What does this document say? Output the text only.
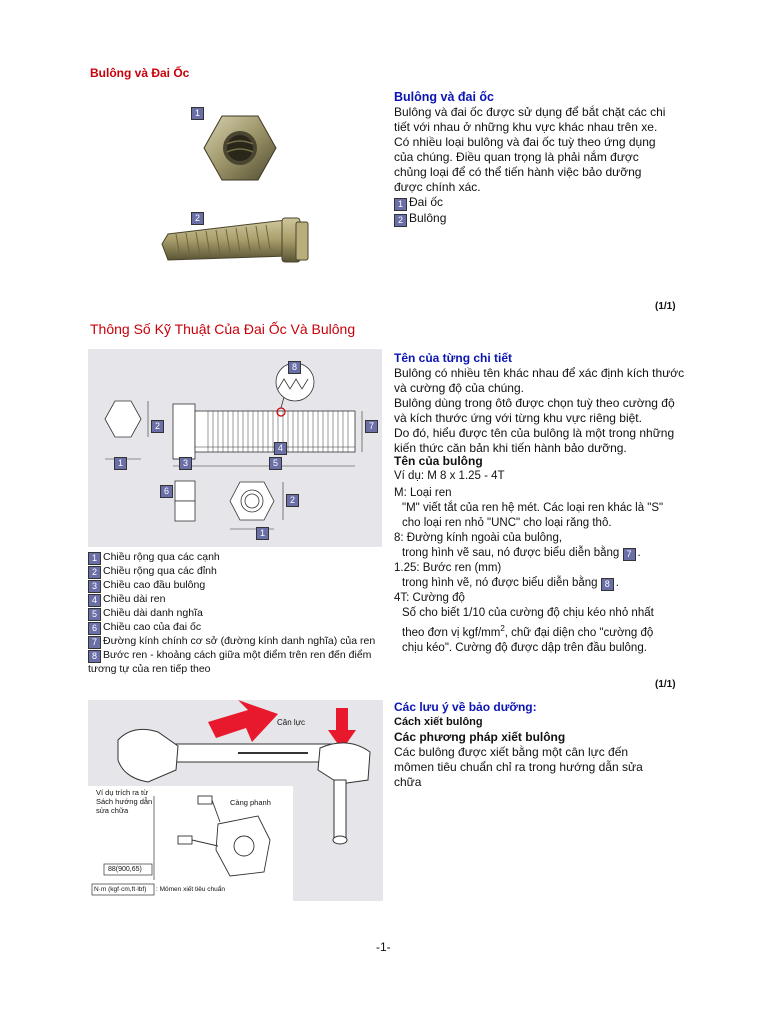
Bulông và Đai Ốc
1
2
Bulông và đai ốc
Bulông và đai ốc được sử dụng để bắt chặt các chi
tiết với nhau ở những khu vực khác nhau trên xe.
Có nhiều loại bulông và đai ốc tuỳ theo ứng dụng
của chúng. Điều quan trọng là phải nắm được
chủng loại để có thể tiến hành việc bảo dưỡng
được chính xác.
1 Đai ốc
2 Bulông
(1/1)
Thông Số Kỹ Thuật Của Đai Ốc Và Bulông
1
2
3
4
5
6
7
8
2
1
1 Chiều rộng qua các cạnh
2 Chiều rộng qua các đỉnh
3 Chiều cao đầu bulông
4 Chiều dài ren
5 Chiều dài danh nghĩa
6 Chiều cao của đai ốc
7 Đường kính chính cơ sở (đường kính danh nghĩa) của ren
8 Bước ren - khoảng cách giữa một điểm trên ren đến điểm
tương tự của ren tiếp theo
Tên của từng chi tiết
Bulông có nhiều tên khác nhau để xác định kích thước
và cường độ của chúng.
Bulông dùng trong ôtô được chọn tuỳ theo cường độ
và kích thước ứng với từng khu vực riêng biệt.
Do đó, hiểu được tên của bulông là một trong những
kiến thức căn bản khi tiến hành bảo dưỡng.
Tên của bulông
Ví dụ: M 8 x 1.25 - 4T
M: Loại ren
"M" viết tắt của ren hệ mét. Các loại ren khác là "S"
cho loại ren nhỏ "UNC" cho loại răng thô.
8: Đường kính ngoài của bulông,
trong hình vẽ sau, nó được biểu diễn bằng 7 .
1.25: Bước ren (mm)
trong hình vẽ, nó được biểu diễn bằng 8 .
4T: Cường độ
Số cho biết 1/10 của cường độ chịu kéo nhỏ nhất
theo đơn vị kgf/$mm^2$, chữ đại diện cho "cường độ
chịu kéo". Cường độ được dập trên đầu bulông.
(1/1)
Cân lực
Ví dụ trích ra từ
Sách hướng dẫn
sửa chữa
Càng phanh
88(900,65)
N·m (kgf·cm,ft·lbf) : Mômen xiết tiêu chuẩn
Các lưu ý về bảo dưỡng:
Cách xiết bulông
Các phương pháp xiết bulông
Các bulông được xiết bằng một cân lực đến
mômen tiêu chuẩn chỉ ra trong hướng dẫn sửa
chữa
-1-
